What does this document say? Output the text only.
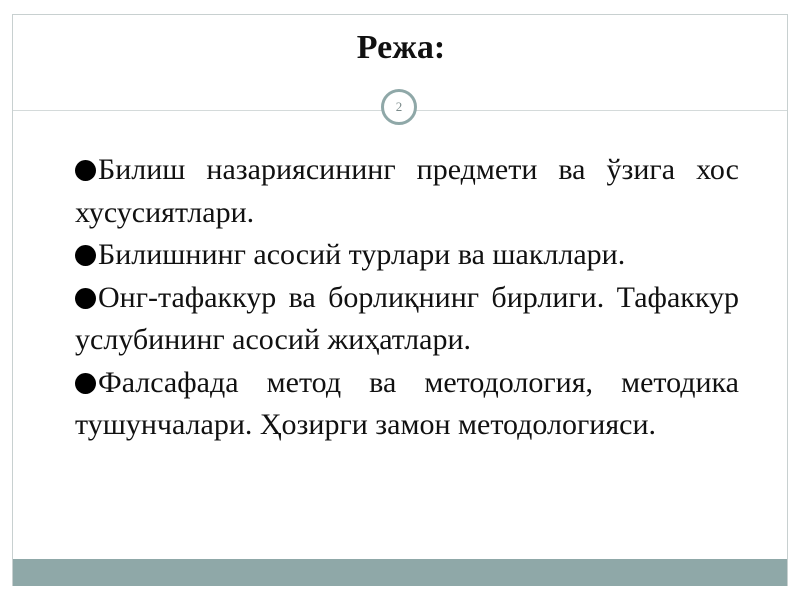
Режа:
2

Билиш назариясининг предмети ва ўзига хос хусусиятлари.

Билишнинг асосий турлари ва шакллари.

Онг-тафаккур ва борлиқнинг бирлиги. Тафаккур услубининг асосий жиҳатлари.

Фалсафада метод ва методология, методика тушунчалари. Ҳозирги замон методологияси.
